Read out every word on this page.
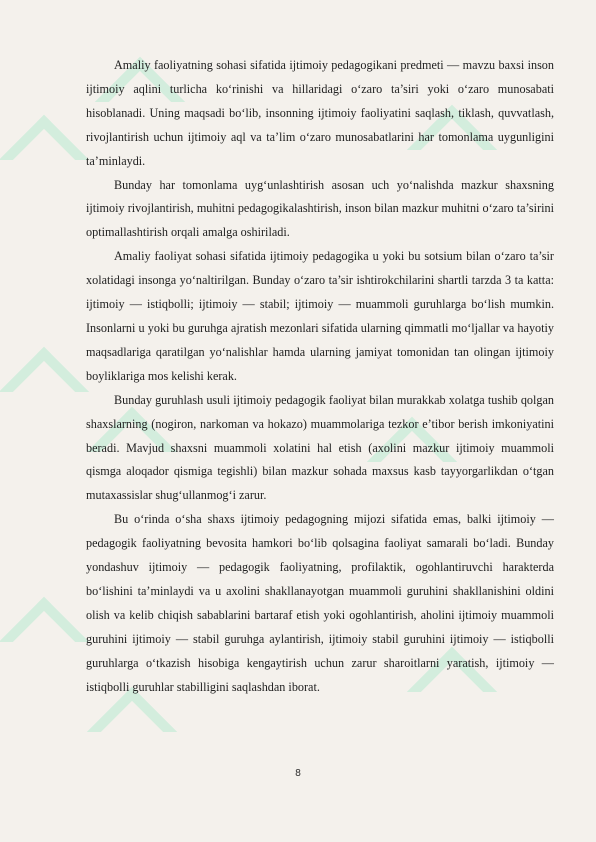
Amaliy faoliyatning sohasi sifatida ijtimoiy pedagogikani predmeti — mavzu baxsi inson ijtimoiy aqlini turlicha ko‘rinishi va hillaridagi o‘zaro ta’siri yoki o‘zaro munosabati hisoblanadi. Uning maqsadi bo‘lib, insonning ijtimoiy faoliyatini saqlash, tiklash, quvvatlash, rivojlantirish uchun ijtimoiy aql va ta’lim o‘zaro munosabatlarini har tomonlama uygunligini ta’minlaydi.

Bunday har tomonlama uyg‘unlashtirish asosan uch yo‘nalishda mazkur shaxsning ijtimoiy rivojlantirish, muhitni pedagogikalashtirish, inson bilan mazkur muhitni o‘zaro ta’sirini optimallashtirish orqali amalga oshiriladi.

Amaliy faoliyat sohasi sifatida ijtimoiy pedagogika u yoki bu sotsium bilan o‘zaro ta’sir xolatidagi insonga yo‘naltirilgan. Bunday o‘zaro ta’sir ishtirokchilarini shartli tarzda 3 ta katta: ijtimoiy — istiqbolli; ijtimoiy — stabil; ijtimoiy — muammoli guruhlarga bo‘lish mumkin. Insonlarni u yoki bu guruhga ajratish mezonlari sifatida ularning qimmatli mo‘ljallar va hayotiy maqsadlariga qaratilgan yo‘nalishlar hamda ularning jamiyat tomonidan tan olingan ijtimoiy boyliklariga mos kelishi kerak.

Bunday guruhlash usuli ijtimoiy pedagogik faoliyat bilan murakkab xolatga tushib qolgan shaxslarning (nogiron, narkoman va hokazo) muammolariga tezkor e’tibor berish imkoniyatini beradi. Mavjud shaxsni muammoli xolatini hal etish (axolini mazkur ijtimoiy muammoli qismga aloqador qismiga tegishli) bilan mazkur sohada maxsus kasb tayyorgarlikdan o‘tgan mutaxassislar shug‘ullanmog‘i zarur.

Bu o‘rinda o‘sha shaxs ijtimoiy pedagogning mijozi sifatida emas, balki ijtimoiy — pedagogik faoliyatning bevosita hamkori bo‘lib qolsagina faoliyat samarali bo‘ladi. Bunday yondashuv ijtimoiy — pedagogik faoliyatning, profilaktik, ogohlantiruvchi harakterda bo‘lishini ta’minlaydi va u axolini shakllanayotgan muammoli guruhini shakllanishini oldini olish va kelib chiqish sabablarini bartaraf etish yoki ogohlantirish, aholini ijtimoiy muammoli guruhini ijtimoiy — stabil guruhga aylantirish, ijtimoiy stabil guruhini ijtimoiy — istiqbolli guruhlarga o‘tkazish hisobiga kengaytirish uchun zarur sharoitlarni yaratish, ijtimoiy — istiqbolli guruhlar stabilligini saqlashdan iborat.

8
